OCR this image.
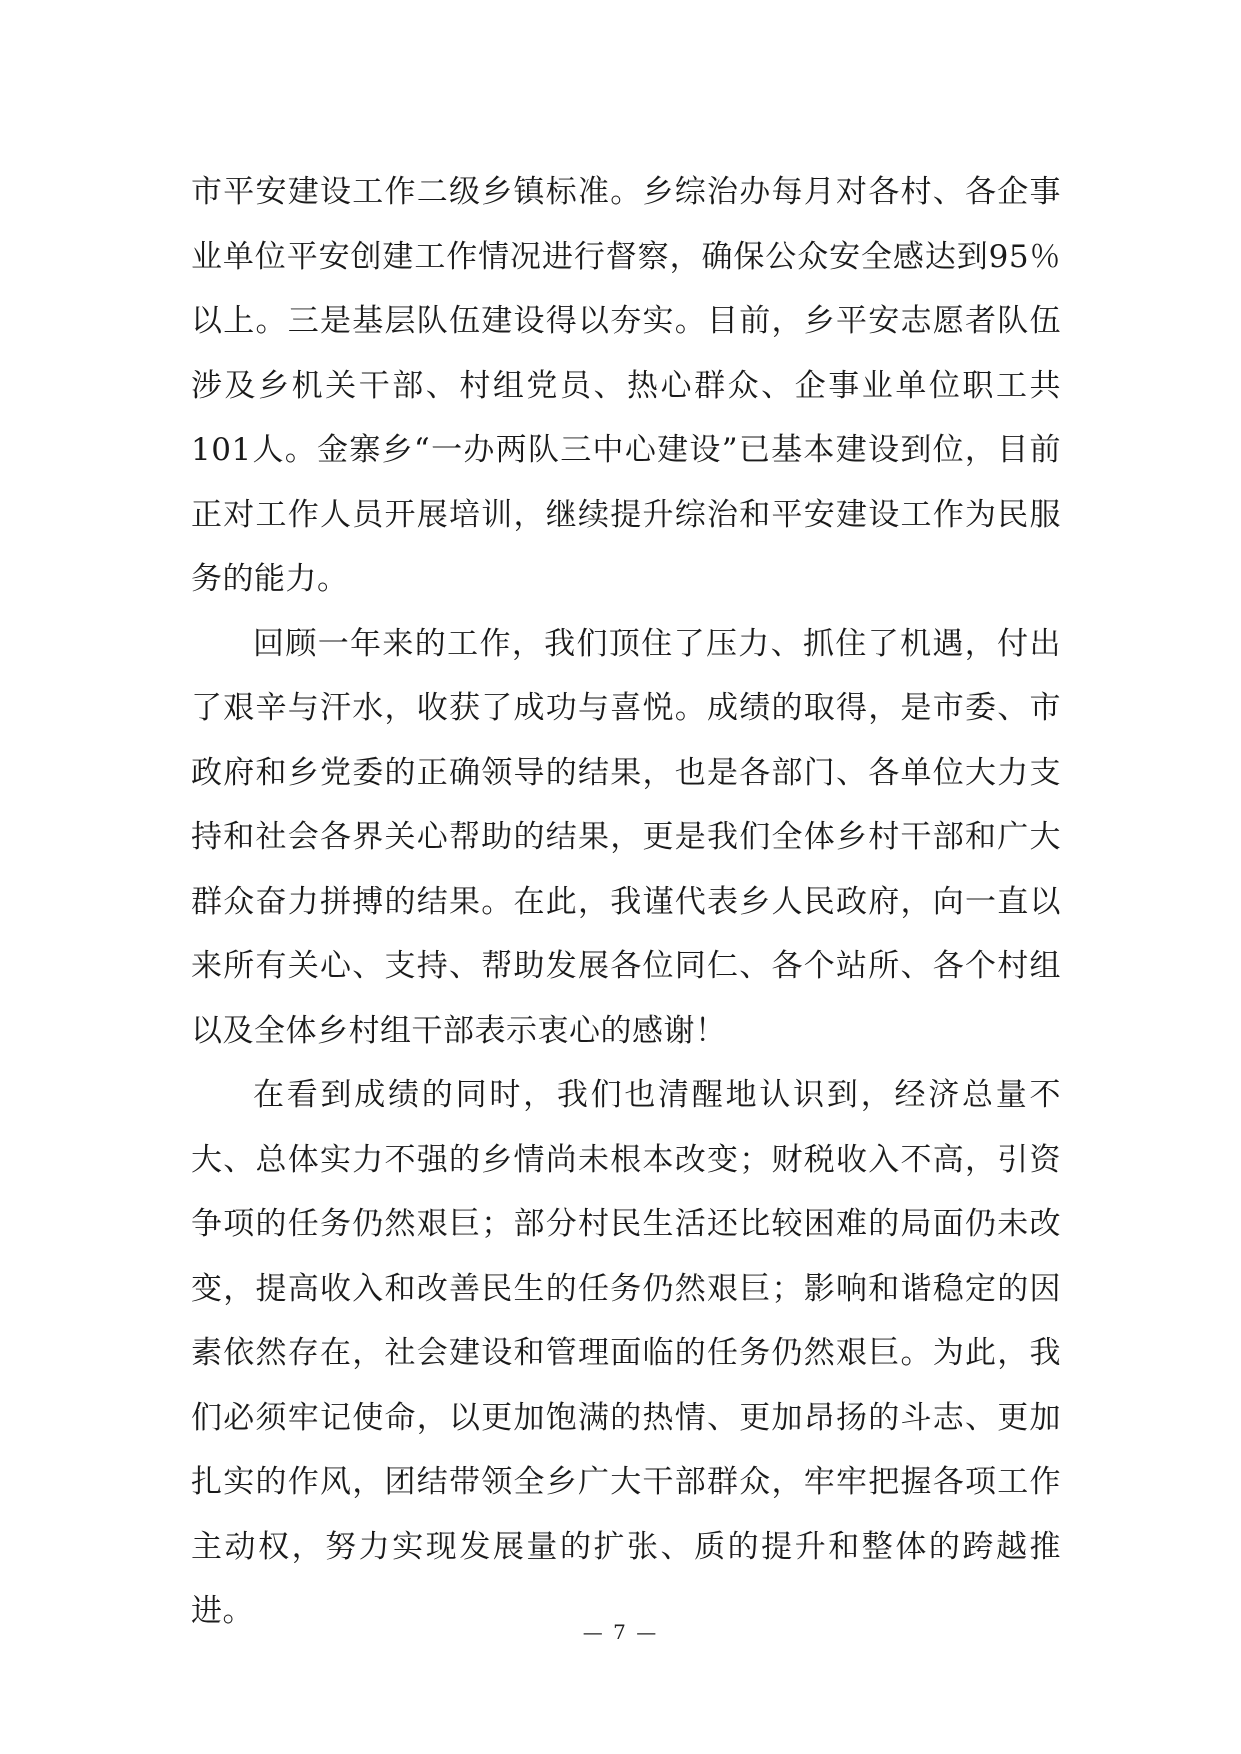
市平安建设工作二级乡镇标准。乡综治办每月对各村、各企事业单位平安创建工作情况进行督察，确保公众安全感达到95％以上。三是基层队伍建设得以夯实。目前，乡平安志愿者队伍涉及乡机关干部、村组党员、热心群众、企事业单位职工共101人。金寨乡“一办两队三中心建设”已基本建设到位，目前正对工作人员开展培训，继续提升综治和平安建设工作为民服务的能力。

回顾一年来的工作，我们顶住了压力、抓住了机遇，付出了艰辛与汗水，收获了成功与喜悦。成绩的取得，是市委、市政府和乡党委的正确领导的结果，也是各部门、各单位大力支持和社会各界关心帮助的结果，更是我们全体乡村干部和广大群众奋力拼搏的结果。在此，我谨代表乡人民政府，向一直以来所有关心、支持、帮助发展各位同仁、各个站所、各个村组以及全体乡村组干部表示衷心的感谢！

在看到成绩的同时，我们也清醒地认识到，经济总量不大、总体实力不强的乡情尚未根本改变；财税收入不高，引资争项的任务仍然艰巨；部分村民生活还比较困难的局面仍未改变，提高收入和改善民生的任务仍然艰巨；影响和谐稳定的因素依然存在，社会建设和管理面临的任务仍然艰巨。为此，我们必须牢记使命，以更加饱满的热情、更加昂扬的斗志、更加扎实的作风，团结带领全乡广大干部群众，牢牢把握各项工作主动权，努力实现发展量的扩张、质的提升和整体的跨越推进。

— 7 —
